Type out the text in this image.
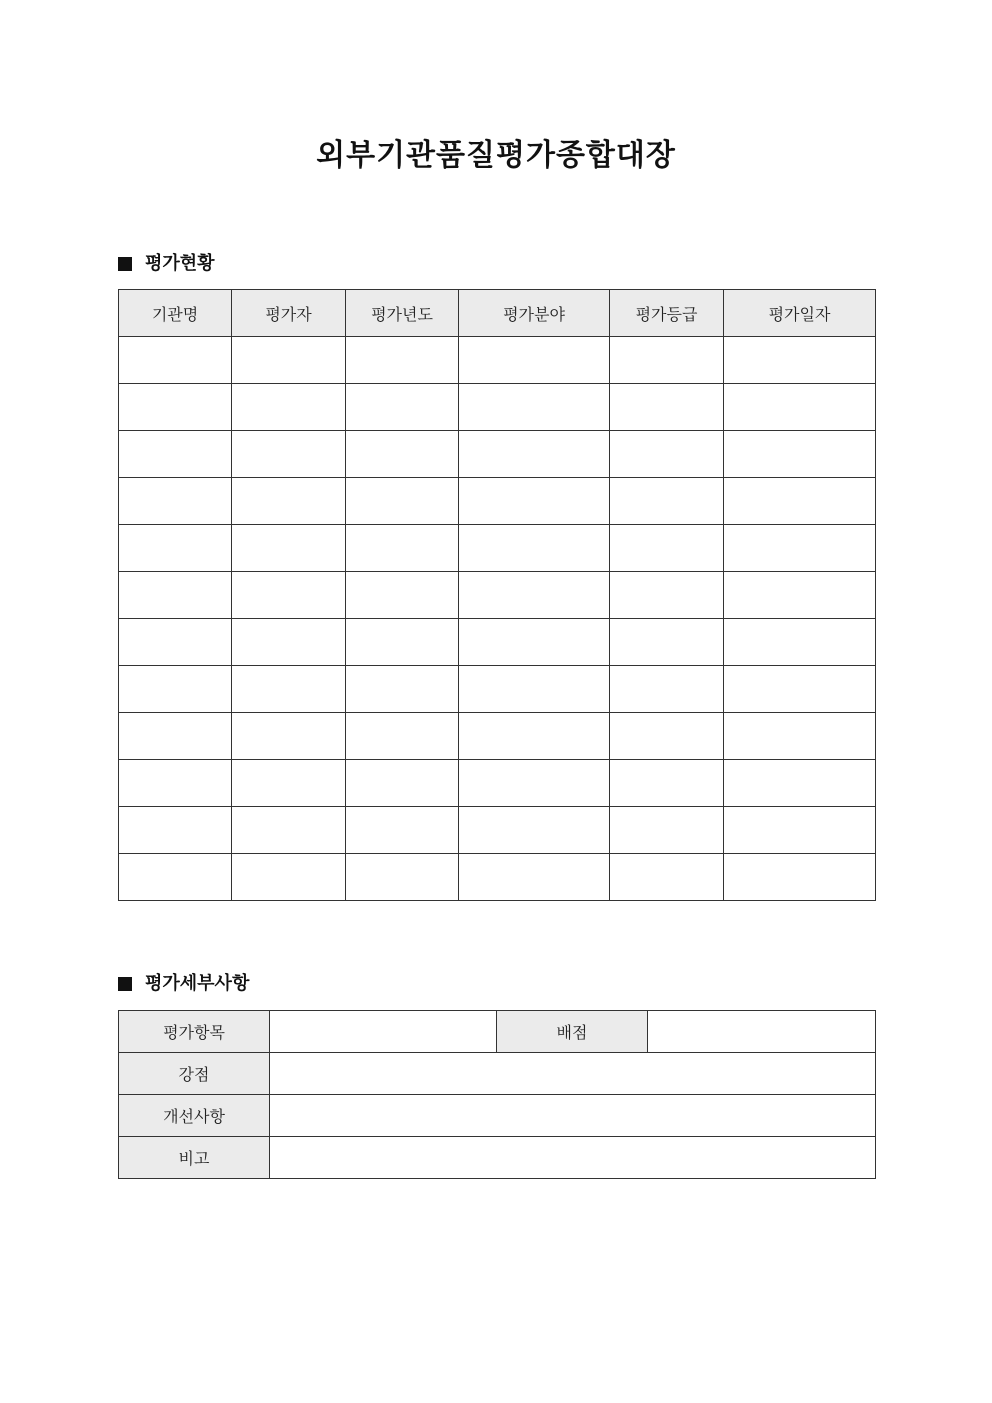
외부기관품질평가종합대장
평가현황
기관명	평가자	평가년도	평가분야	평가등급	평가일자

평가세부사항
평가항목		배점	
강점			
개선사항			
비고			
